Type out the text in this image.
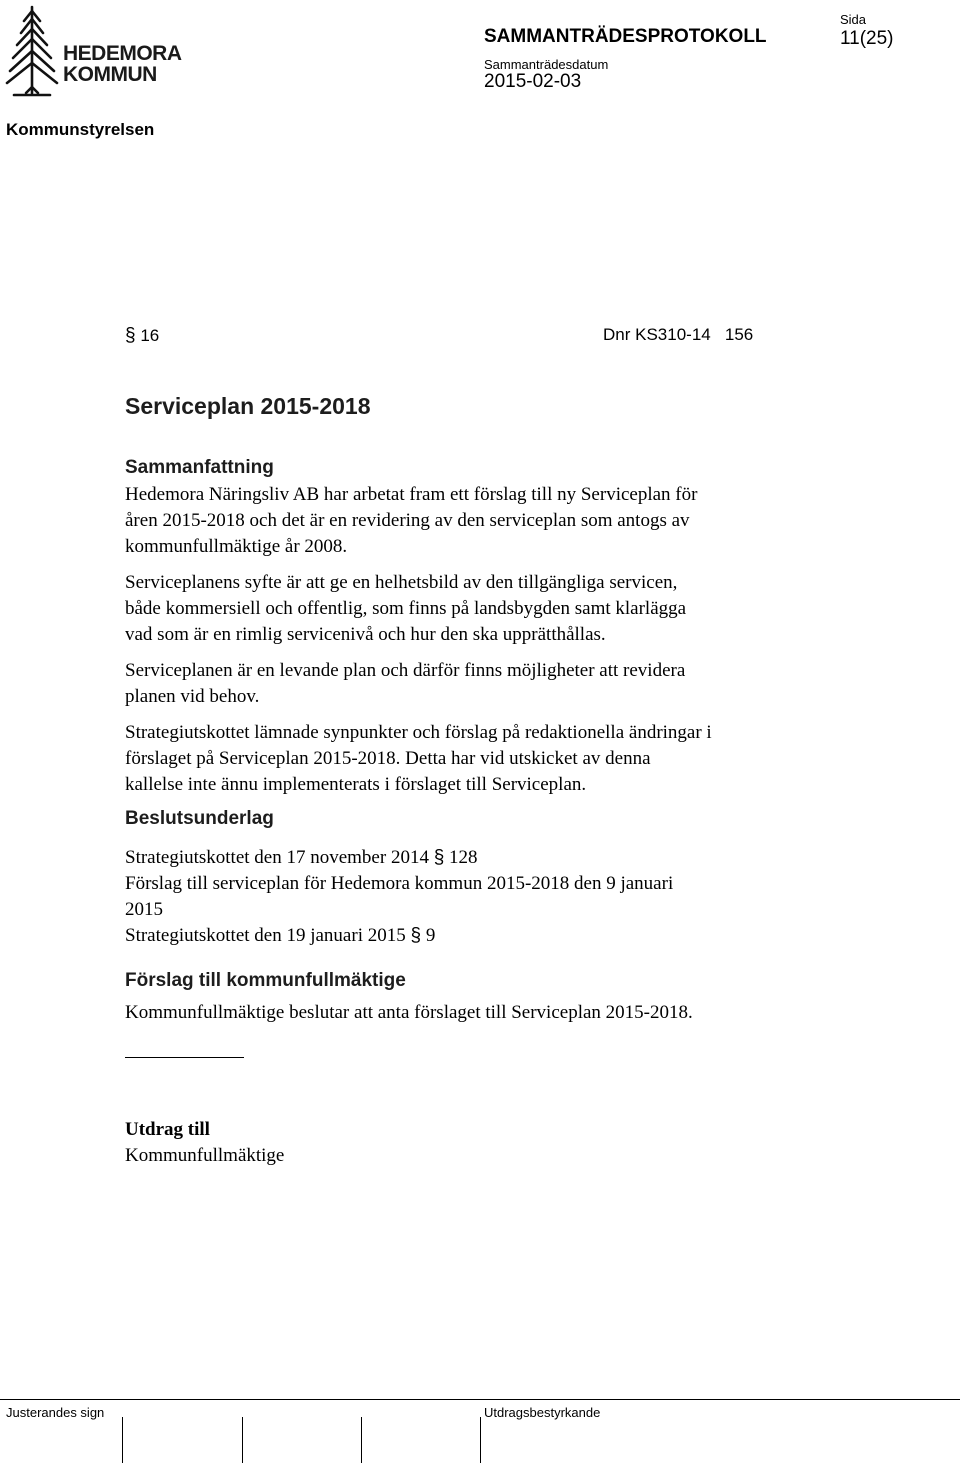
HEDEMORA
KOMMUN

SAMMANTRÄDESPROTOKOLL

Sida

11(25)

Sammanträdesdatum

2015-02-03

Kommunstyrelsen

§ 16	Dnr KS310-14   156

Serviceplan 2015-2018

Sammanfattning

Hedemora Näringsliv AB har arbetat fram ett förslag till ny Serviceplan för
åren 2015-2018 och det är en revidering av den serviceplan som antogs av
kommunfullmäktige år 2008.
Serviceplanens syfte är att ge en helhetsbild av den tillgängliga servicen,
både kommersiell och offentlig, som finns på landsbygden samt klarlägga
vad som är en rimlig servicenivå och hur den ska upprätthållas.
Serviceplanen är en levande plan och därför finns möjligheter att revidera
planen vid behov.
Strategiutskottet lämnade synpunkter och förslag på redaktionella ändringar i
förslaget på Serviceplan 2015-2018. Detta har vid utskicket av denna
kallelse inte ännu implementerats i förslaget till Serviceplan.

Beslutsunderlag

Strategiutskottet den 17 november 2014 § 128
Förslag till serviceplan för Hedemora kommun 2015-2018 den 9 januari
2015
Strategiutskottet den 19 januari 2015 § 9

Förslag till kommunfullmäktige

Kommunfullmäktige beslutar att anta förslaget till Serviceplan 2015-2018.
Utdrag till
Kommunfullmäktige
Justerandes sign	Utdragsbestyrkande
